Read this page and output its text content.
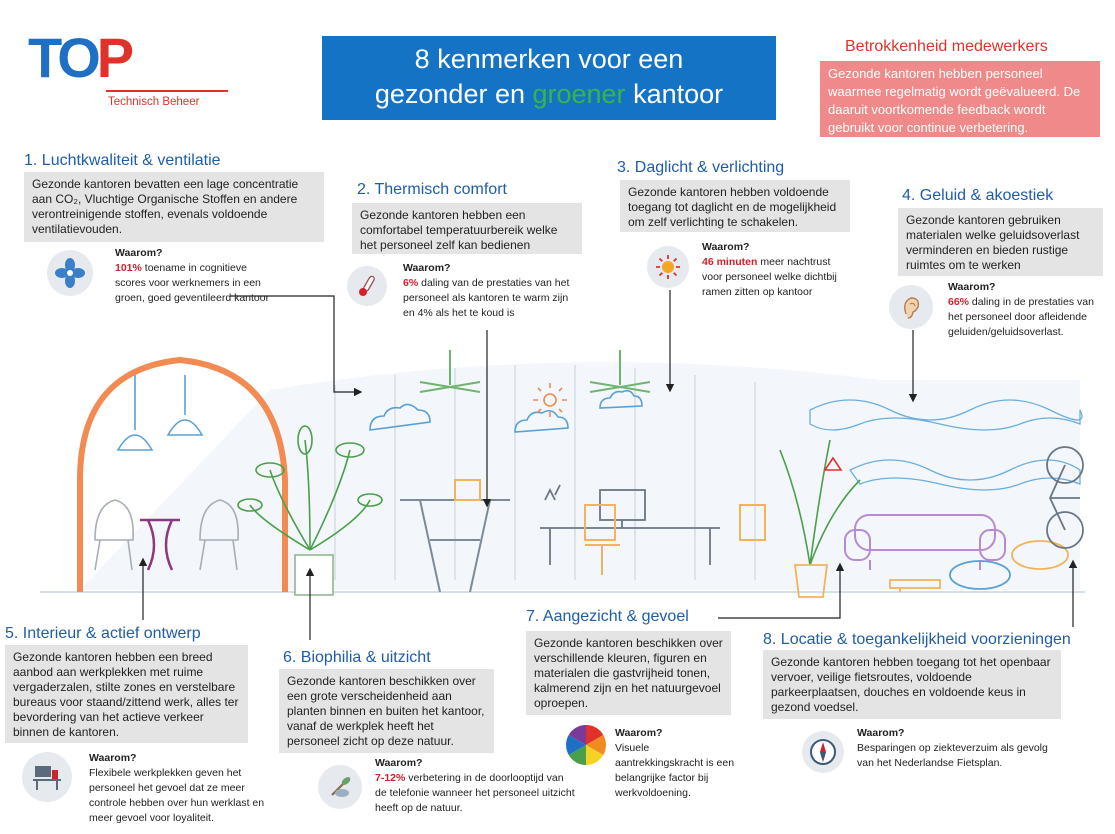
TOP
Technisch Beheer
8 kenmerken voor een
gezonder en groener kantoor
Betrokkenheid medewerkers
Gezonde kantoren hebben personeel waarmee regelmatig wordt geëvalueerd. De daaruit voortkomende feedback wordt gebruikt voor continue verbetering.
1. Luchtkwaliteit & ventilatie
Gezonde kantoren bevatten een lage concentratie aan CO₂, Vluchtige Organische Stoffen en andere verontreinigende stoffen, evenals voldoende ventilatievouden.
Waarom?
101% toename in cognitieve scores voor werknemers in een groen, goed geventileerd kantoor
2. Thermisch comfort
Gezonde kantoren hebben een comfortabel temperatuurbereik welke het personeel zelf kan bedienen
Waarom?
6% daling van de prestaties van het personeel als kantoren te warm zijn en 4% als het te koud is
3. Daglicht & verlichting
Gezonde kantoren hebben voldoende toegang tot daglicht en de mogelijkheid om zelf verlichting te schakelen.
Waarom?
46 minuten meer nachtrust voor personeel welke dichtbij ramen zitten op kantoor
4. Geluid & akoestiek
Gezonde kantoren gebruiken materialen welke geluidsoverlast verminderen en bieden rustige ruimtes om te werken
Waarom?
66% daling in de prestaties van het personeel door afleidende geluiden/geluidsoverlast.
5. Interieur & actief ontwerp
Gezonde kantoren hebben een breed aanbod aan werkplekken met ruime vergaderzalen, stilte zones en verstelbare bureaus voor staand/zittend werk, alles ter bevordering van het actieve verkeer binnen de kantoren.
Waarom?
Flexibele werkplekken geven het personeel het gevoel dat ze meer controle hebben over hun werklast en meer gevoel voor loyaliteit.
6. Biophilia & uitzicht
Gezonde kantoren beschikken over een grote verscheidenheid aan planten binnen en buiten het kantoor, vanaf de werkplek heeft het personeel zicht op deze natuur.
Waarom?
7-12% verbetering in de doorlooptijd van de telefonie wanneer het personeel uitzicht heeft op de natuur.
7. Aangezicht & gevoel
Gezonde kantoren beschikken over verschillende kleuren, figuren en materialen die gastvrijheid tonen, kalmerend zijn en het natuurgevoel oproepen.
Waarom?
Visuele aantrekkingskracht is een belangrijke factor bij werkvoldoening.
8. Locatie & toegankelijkheid voorzieningen
Gezonde kantoren hebben toegang tot het openbaar vervoer, veilige fietsroutes, voldoende parkeerplaatsen, douches en voldoende keus in gezond voedsel.
Waarom?
Besparingen op ziekteverzuim als gevolg van het Nederlandse Fietsplan.
